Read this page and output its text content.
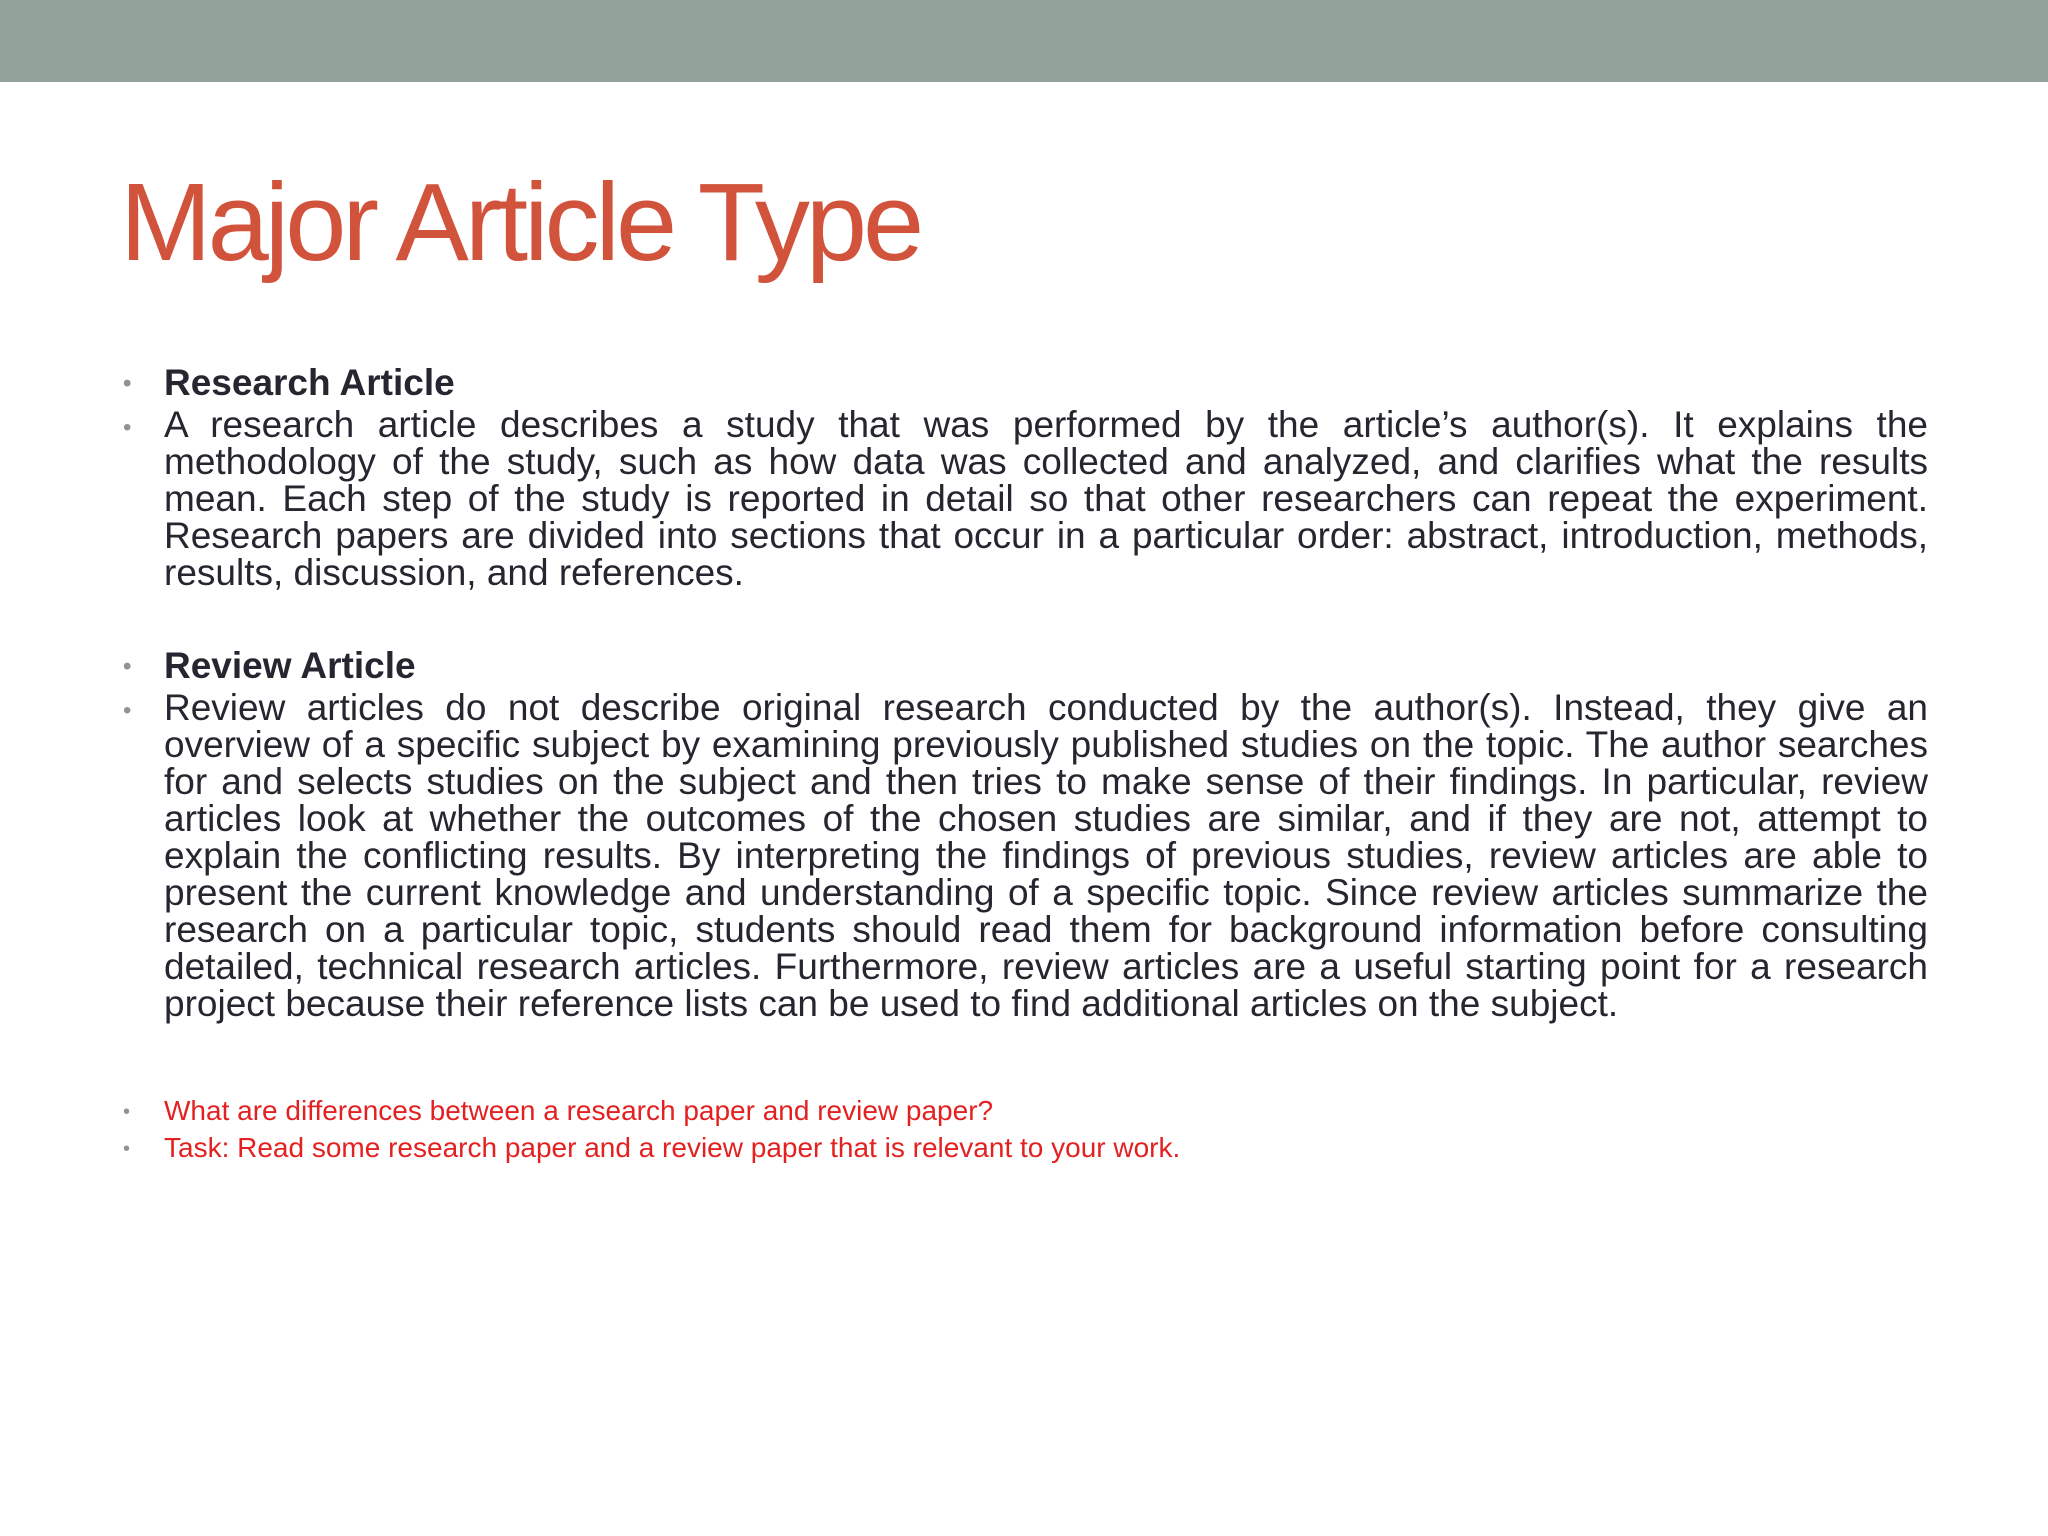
Major Article Type
• Research Article
• A research article describes a study that was performed by the article’s author(s). It explains the methodology of the study, such as how data was collected and analyzed, and clarifies what the results mean. Each step of the study is reported in detail so that other researchers can repeat the experiment. Research papers are divided into sections that occur in a particular order: abstract, introduction, methods, results, discussion, and references.
• Review Article
• Review articles do not describe original research conducted by the author(s). Instead, they give an overview of a specific subject by examining previously published studies on the topic. The author searches for and selects studies on the subject and then tries to make sense of their findings. In particular, review articles look at whether the outcomes of the chosen studies are similar, and if they are not, attempt to explain the conflicting results. By interpreting the findings of previous studies, review articles are able to present the current knowledge and understanding of a specific topic. Since review articles summarize the research on a particular topic, students should read them for background information before consulting detailed, technical research articles. Furthermore, review articles are a useful starting point for a research project because their reference lists can be used to find additional articles on the subject.
• What are differences between a research paper and review paper?
• Task: Read some research paper and a review paper that is relevant to your work.
